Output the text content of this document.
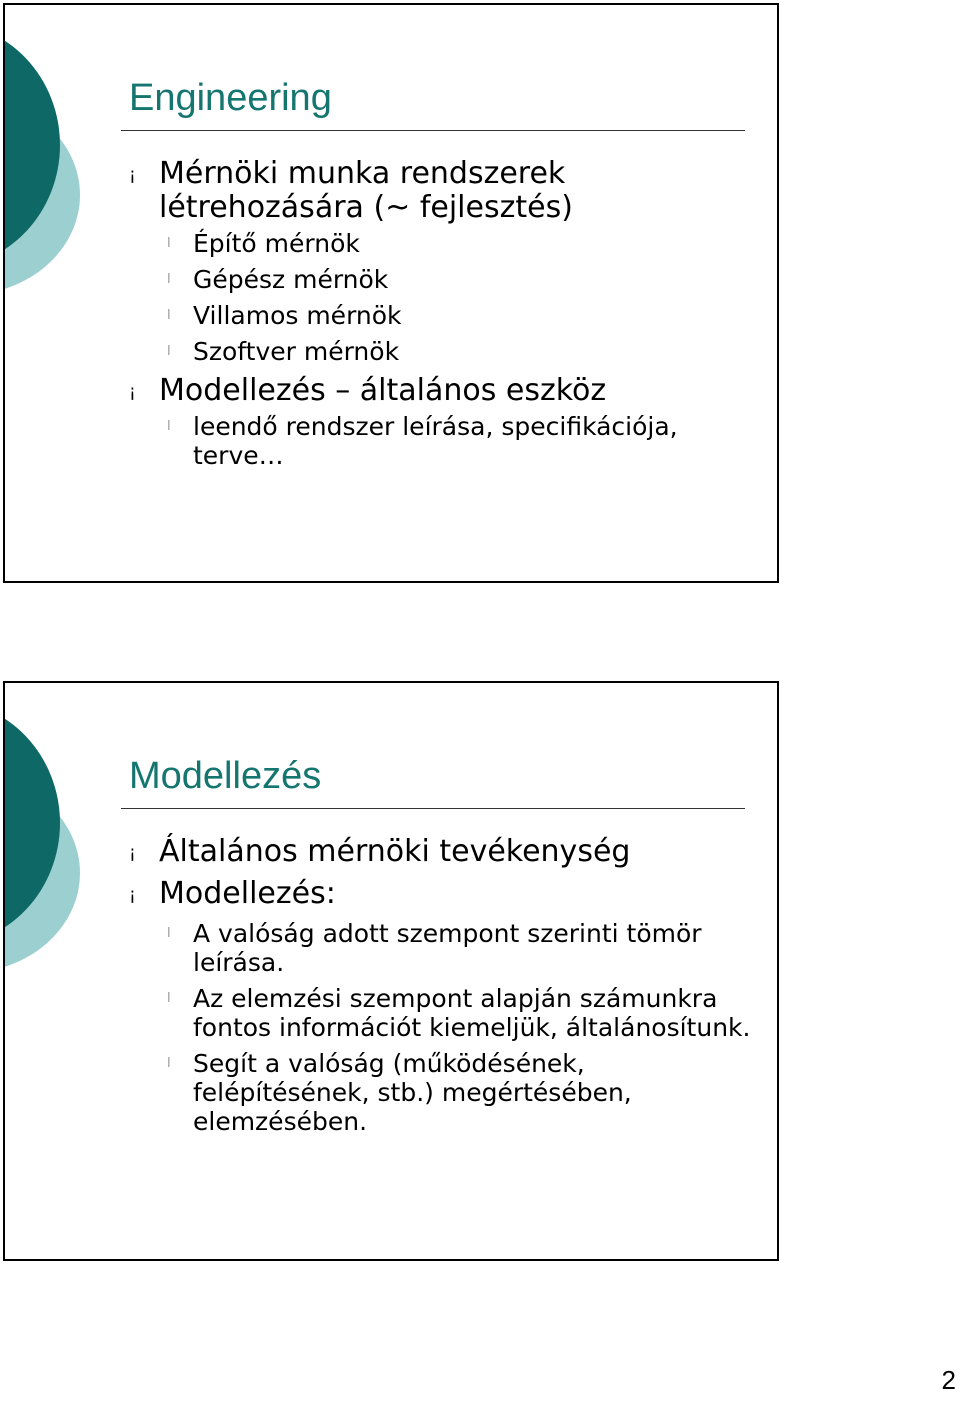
Engineering
¡ Mérnöki munka rendszerek létrehozására (~ fejlesztés)
l Építő mérnök
l Gépész mérnök
l Villamos mérnök
l Szoftver mérnök
¡ Modellezés – általános eszköz
l leendő rendszer leírása, specifikációja, terve…
Modellezés
¡ Általános mérnöki tevékenység
¡ Modellezés:
l A valóság adott szempont szerinti tömör leírása.
l Az elemzési szempont alapján számunkra fontos információt kiemeljük, általánosítunk.
l Segít a valóság (működésének, felépítésének, stb.) megértésében, elemzésében.
2
